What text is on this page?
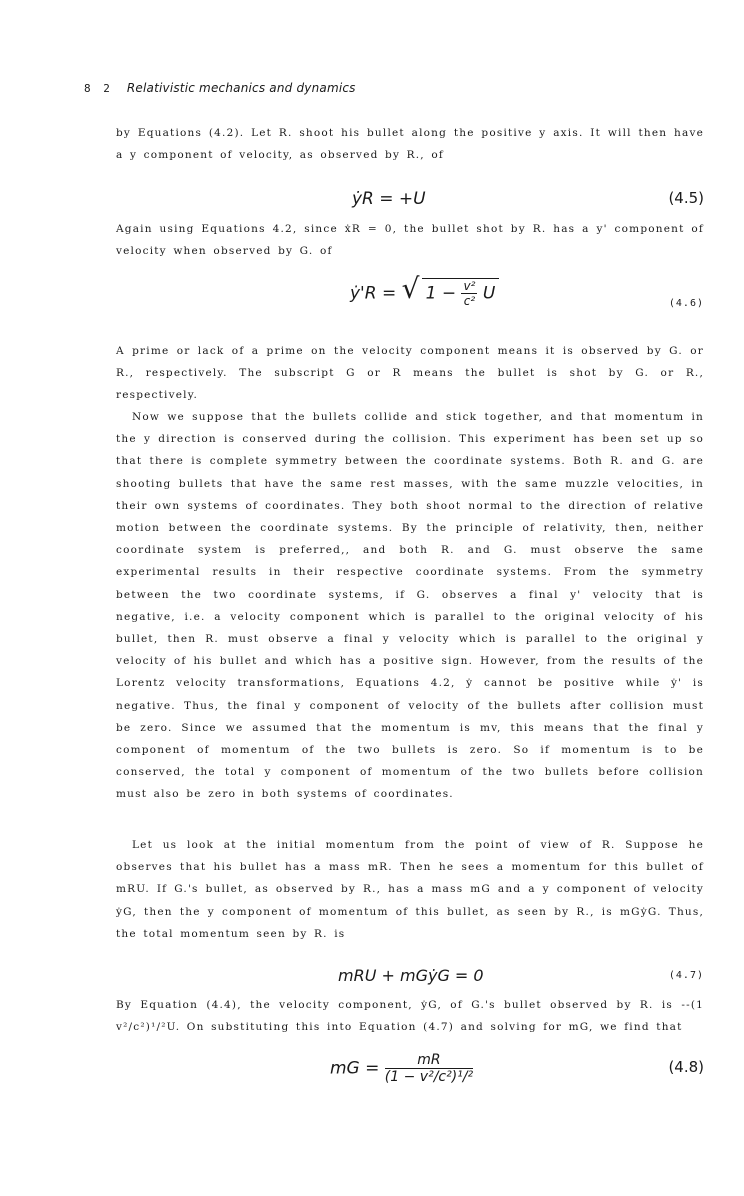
8 2 Relativistic mechanics and dynamics
by Equations (4.2). Let R. shoot his bullet along the positive y axis. It will then have a y component of velocity, as observed by R., of
ẏR = +U	(4.5)
Again using Equations 4.2, since ẋR = 0, the bullet shot by R. has a y' component of velocity when observed by G. of
ẏ'R = √ $1 - \frac{\text{v²}}{\text{c²}}$ U	(4.6)
A prime or lack of a prime on the velocity component means it is observed by G. or R., respectively. The subscript G or R means the bullet is shot by G. or R., respectively.
Now we suppose that the bullets collide and stick together, and that momentum in the y direction is conserved during the collision. This experiment has been set up so that there is complete symmetry between the coordinate systems. Both R. and G. are shooting bullets that have the same rest masses, with the same muzzle velocities, in their own systems of coordinates. They both shoot normal to the direction of relative motion between the coordinate systems. By the principle of relativity, then, neither coordinate system is preferred,, and both R. and G. must observe the same experimental results in their respective coordinate systems. From the symmetry between the two coordinate systems, if G. observes a final y' velocity that is negative, i.e. a velocity component which is parallel to the original velocity of his bullet, then R. must observe a final y velocity which is parallel to the original y velocity of his bullet and which has a positive sign. However, from the results of the Lorentz velocity transformations, Equations 4.2, ẏ cannot be positive while ẏ' is negative. Thus, the final y component of velocity of the bullets after collision must be zero. Since we assumed that the momentum is mv, this means that the final y component of momentum of the two bullets is zero. So if momentum is to be conserved, the total y component of momentum of the two bullets before collision must also be zero in both systems of coordinates.
Let us look at the initial momentum from the point of view of R. Suppose he observes that his bullet has a mass mR. Then he sees a momentum for this bullet of mRU. If G.'s bullet, as observed by R., has a mass mG and a y component of velocity ẏG, then the y component of momentum of this bullet, as seen by R., is mGẏG. Thus, the total momentum seen by R. is
mRU + mGẏG = 0	(4.7)
By Equation (4.4), the velocity component, ẏG, of G.'s bullet observed by R. is --(1 v²/c²)¹/²U. On substituting this into Equation (4.7) and solving for mG, we find that
mG = $\frac{mR}{\text{(1 − v²/c²)¹/²}}$	(4.8)
